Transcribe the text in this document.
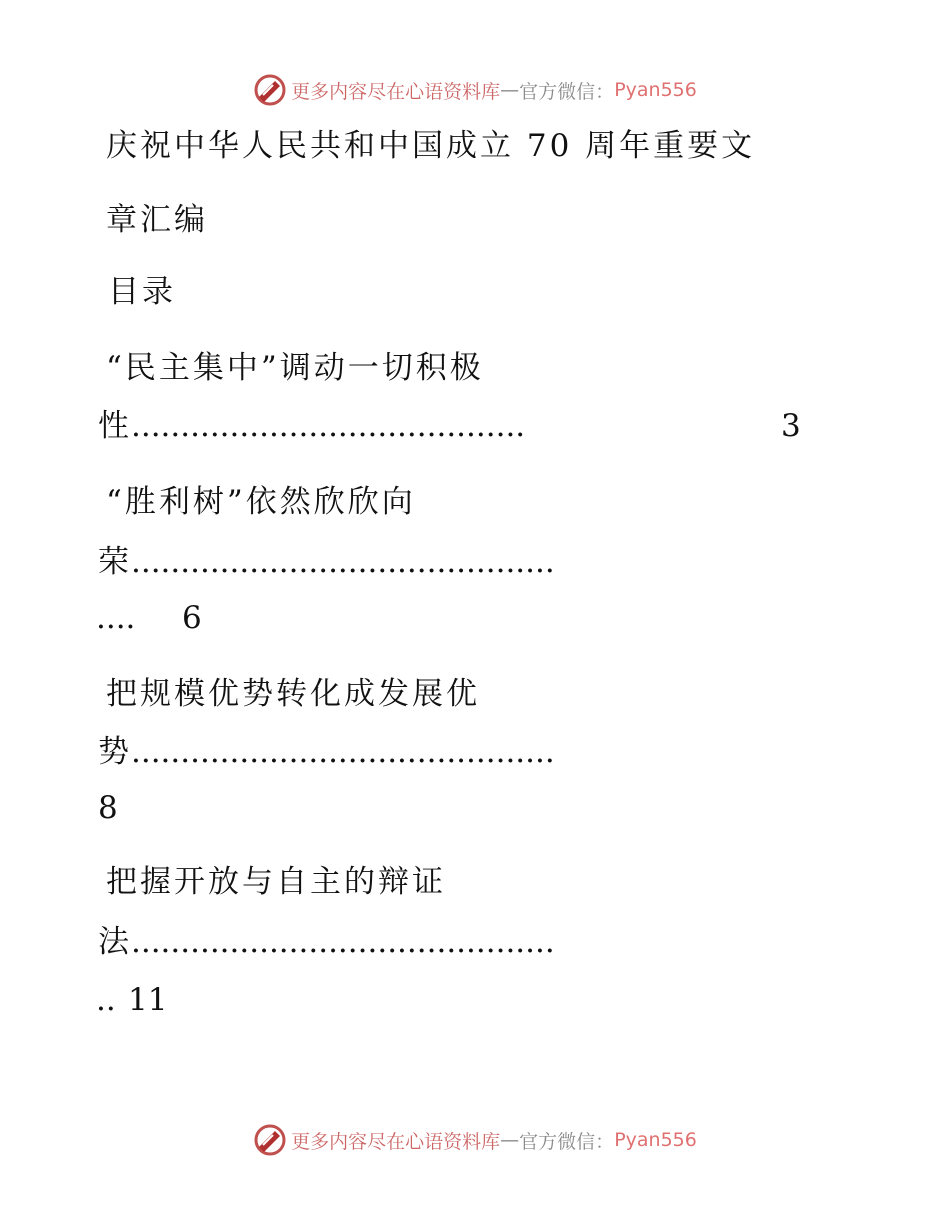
更多内容尽在心语资料库 — 官方微信： Pyan556
庆祝中华人民共和中国成立 70 周年重要文
章汇编
目录
“民主集中”调动一切积极
性 ........................................	3
“胜利树”依然欣欣向
荣 ...........................................
....	6
把规模优势转化成发展优
势 ...........................................
8
把握开放与自主的辩证
法 ...........................................
.. 11
更多内容尽在心语资料库 — 官方微信： Pyan556
